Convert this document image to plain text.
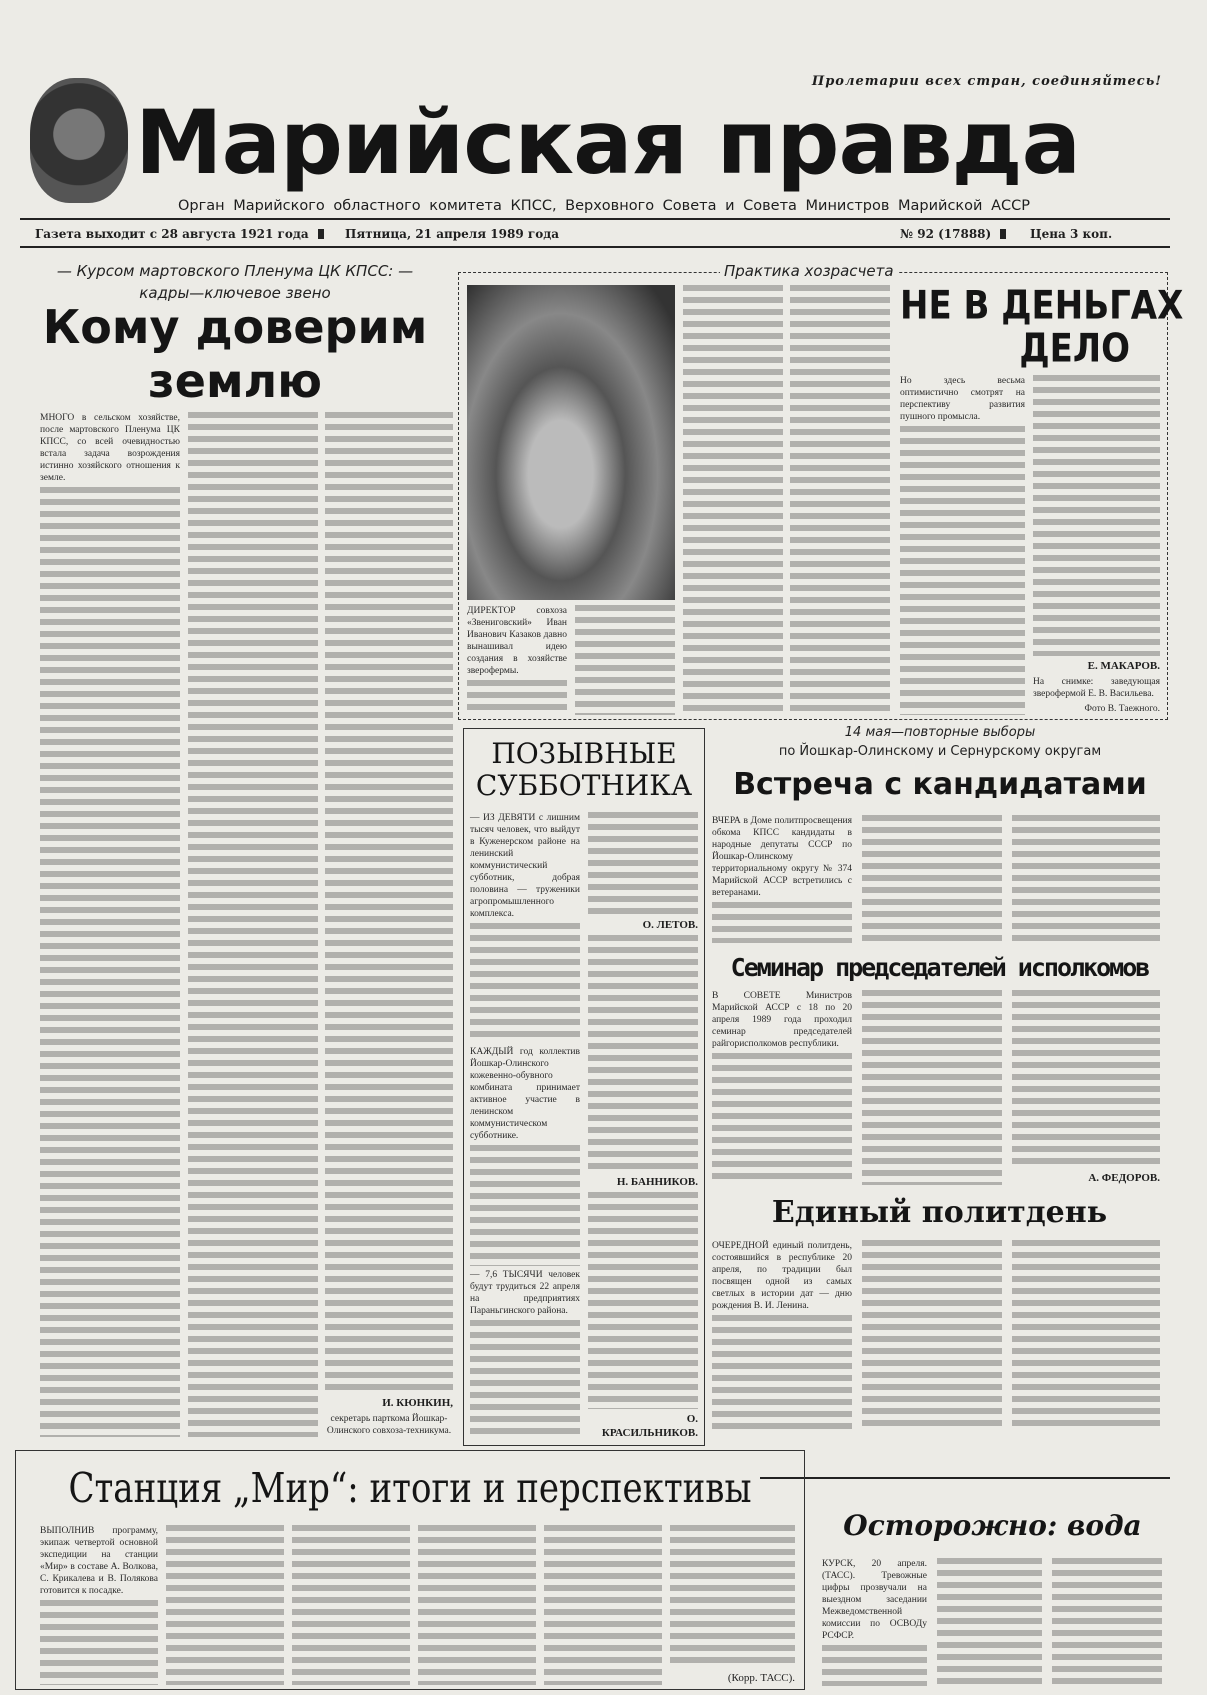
Пролетарии всех стран, соединяйтесь!
Марийская правда
Орган Марийского областного комитета КПСС, Верховного Совета и Совета Министров Марийской АССР
Газета выходит с 28 августа 1921 года	Пятница, 21 апреля 1989 года	№ 92 (17888)	Цена 3 коп.
— Курсом мартовского Пленума ЦК КПСС: —
кадры—ключевое звено
Кому доверим
землю
МНОГО в сельском хозяйстве, после мартовского Пленума ЦК КПСС, со всей очевидностью встала задача возрождения истинно хозяйского отношения к земле.
И. КЮНКИН,
секретарь парткома Йошкар-Олинского совхоза-техникума.
Практика хозрасчета
ДИРЕКТОР совхоза «Звениговский» Иван Иванович Казаков давно вынашивал идею создания в хозяйстве зверофермы.
НЕ В ДЕНЬГАХ
ДЕЛО
Но здесь весьма оптимистично смотрят на перспективу развития пушного промысла.
Е. МАКАРОВ.
На снимке: заведующая зверофермой Е. В. Васильева.
Фото В. Таежного.
ПОЗЫВНЫЕ
СУББОТНИКА
— ИЗ ДЕВЯТИ с лишним тысяч человек, что выйдут в Куженерском районе на ленинский коммунистический субботник, добрая половина — труженики агропромышленного комплекса.
КАЖДЫЙ год коллектив Йошкар-Олинского кожевенно-обувного комбината принимает активное участие в ленинском коммунистическом субботнике.
— 7,6 ТЫСЯЧИ человек будут трудиться 22 апреля на предприятиях Параньгинского района.
О. ЛЕТОВ.
Н. БАННИКОВ.
О. КРАСИЛЬНИКОВ.
14 мая—повторные выборы
по Йошкар-Олинскому и Сернурскому округам
Встреча с кандидатами
ВЧЕРА в Доме политпросвещения обкома КПСС кандидаты в народные депутаты СССР по Йошкар-Олинскому территориальному округу № 374 Марийской АССР встретились с ветеранами.
Семинар председателей исполкомов
В СОВЕТЕ Министров Марийской АССР с 18 по 20 апреля 1989 года проходил семинар председателей райгорисполкомов республики.
А. ФЕДОРОВ.
Единый политдень
ОЧЕРЕДНОЙ единый политдень, состоявшийся в республике 20 апреля, по традиции был посвящен одной из самых светлых в истории дат — дню рождения В. И. Ленина.
Станция „Мир“: итоги и перспективы
ВЫПОЛНИВ программу, экипаж четвертой основной экспедиции на станции «Мир» в составе А. Волкова, С. Крикалева и В. Полякова готовится к посадке.
(Корр. ТАСС).
Осторожно: вода
КУРСК, 20 апреля. (ТАСС). Тревожные цифры прозвучали на выездном заседании Межведомственной комиссии по ОСВОДу РСФСР.
